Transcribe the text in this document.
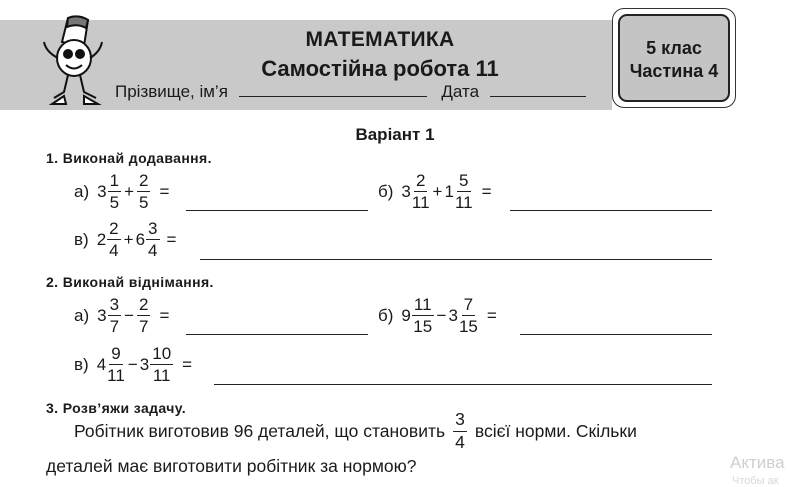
МАТЕМАТИКА
Самостійна робота 11
Прізвище, ім’я	Дата
5 клас
Частина 4
Варіант 1
1. Виконай додавання.
а) $3 \frac{1}{5} + \frac{2}{5}$ =	б) $3 \frac{2}{11} + 1 \frac{5}{11}$ =
в) $2 \frac{2}{4} + 6 \frac{3}{4}$ =
2. Виконай віднімання.
а) $3 \frac{3}{7} - \frac{2}{7}$ =	б) $9 \frac{11}{15} - 3 \frac{7}{15}$ =
в) $4 \frac{9}{11} - 3 \frac{10}{11}$ =
3. Розв’яжи задачу.
Робітник виготовив 96 деталей, що становить $\frac{3}{4}$ всієї норми. Скільки
деталей має виготовити робітник за нормою?	Актива
Чтобы ак
